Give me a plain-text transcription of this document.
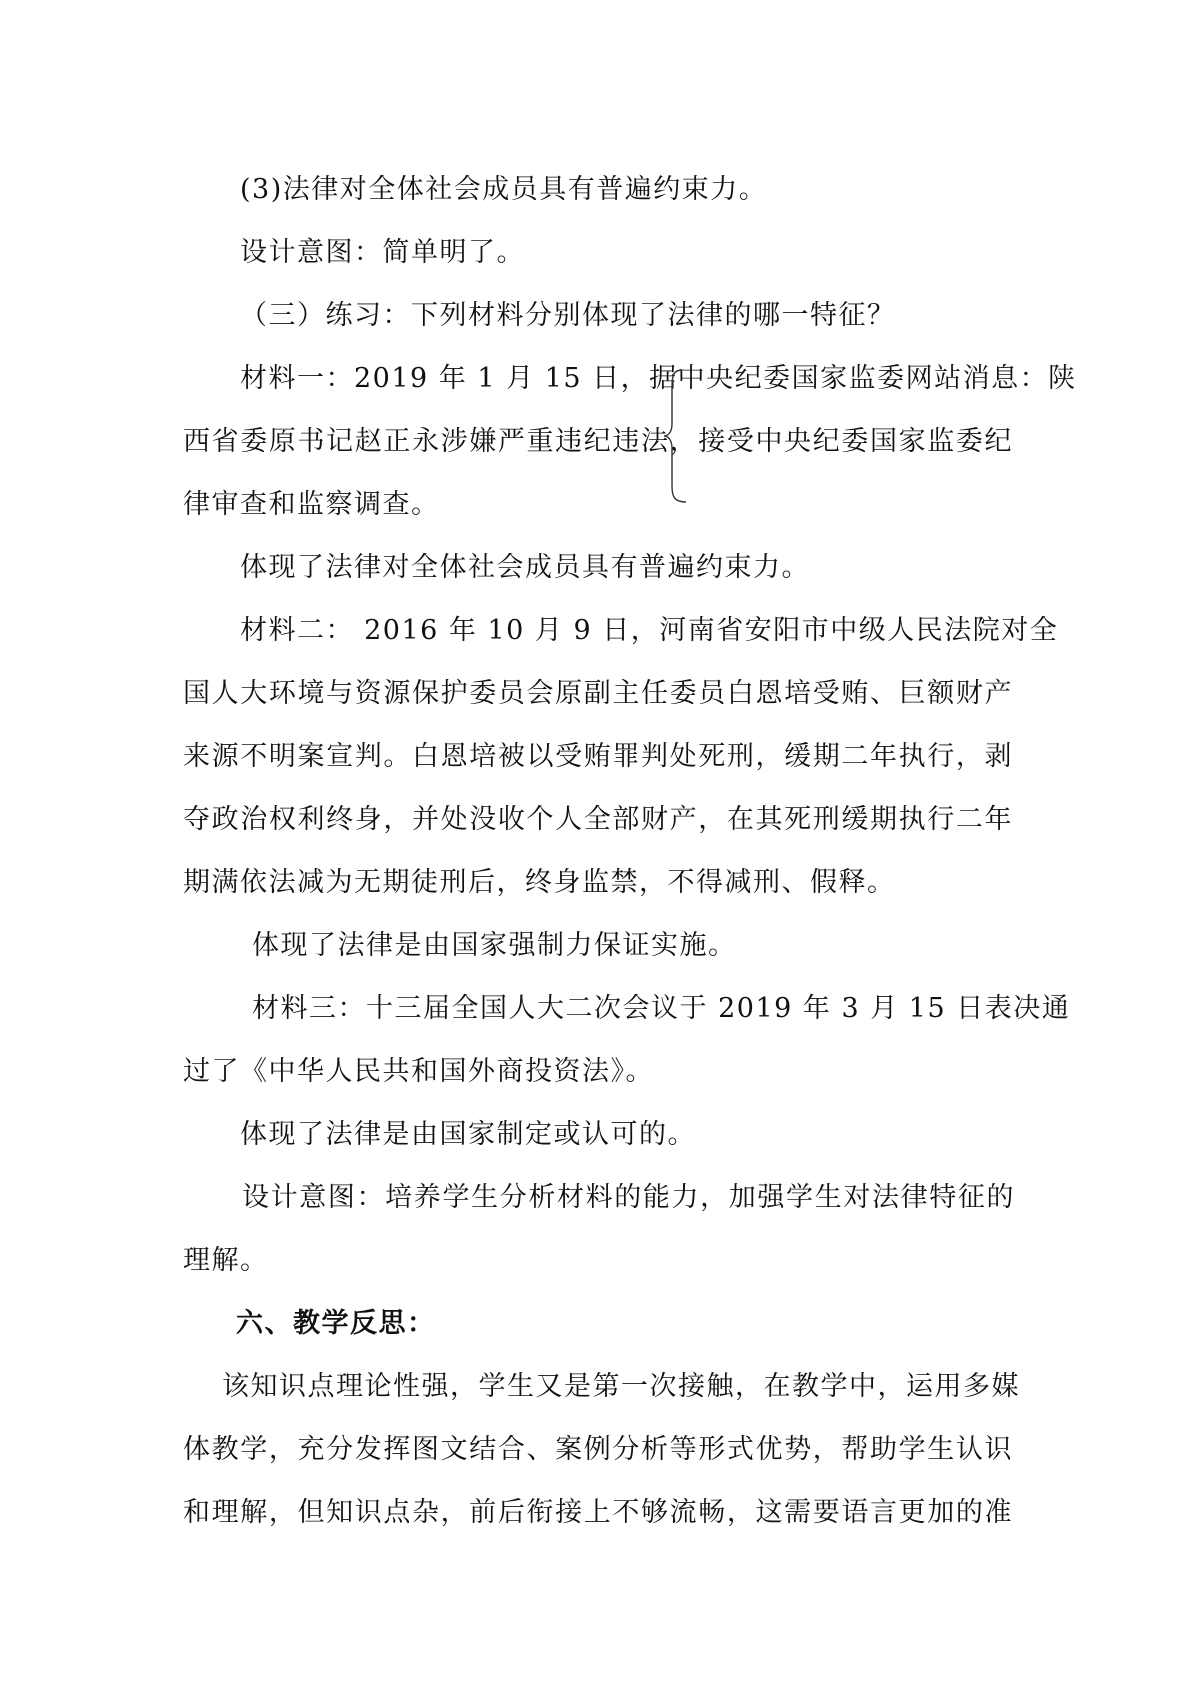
(3)法律对全体社会成员具有普遍约束力。
设计意图：简单明了。
（三）练习：下列材料分别体现了法律的哪一特征？
材料一：2019 年 1 月 15 日，据中央纪委国家监委网站消息：陕
西省委原书记赵正永涉嫌严重违纪违法，接受中央纪委国家监委纪
律审查和监察调查。
体现了法律对全体社会成员具有普遍约束力。
材料二： 2016 年 10 月 9 日，河南省安阳市中级人民法院对全
国人大环境与资源保护委员会原副主任委员白恩培受贿、巨额财产
来源不明案宣判。白恩培被以受贿罪判处死刑，缓期二年执行，剥
夺政治权利终身，并处没收个人全部财产，在其死刑缓期执行二年
期满依法减为无期徒刑后，终身监禁，不得减刑、假释。
体现了法律是由国家强制力保证实施。
材料三：十三届全国人大二次会议于 2019 年 3 月 15 日表决通
过了《中华人民共和国外商投资法》。
体现了法律是由国家制定或认可的。
设计意图：培养学生分析材料的能力，加强学生对法律特征的
理解。
六、教学反思：
该知识点理论性强，学生又是第一次接触，在教学中，运用多媒
体教学，充分发挥图文结合、案例分析等形式优势，帮助学生认识
和理解，但知识点杂，前后衔接上不够流畅，这需要语言更加的准
